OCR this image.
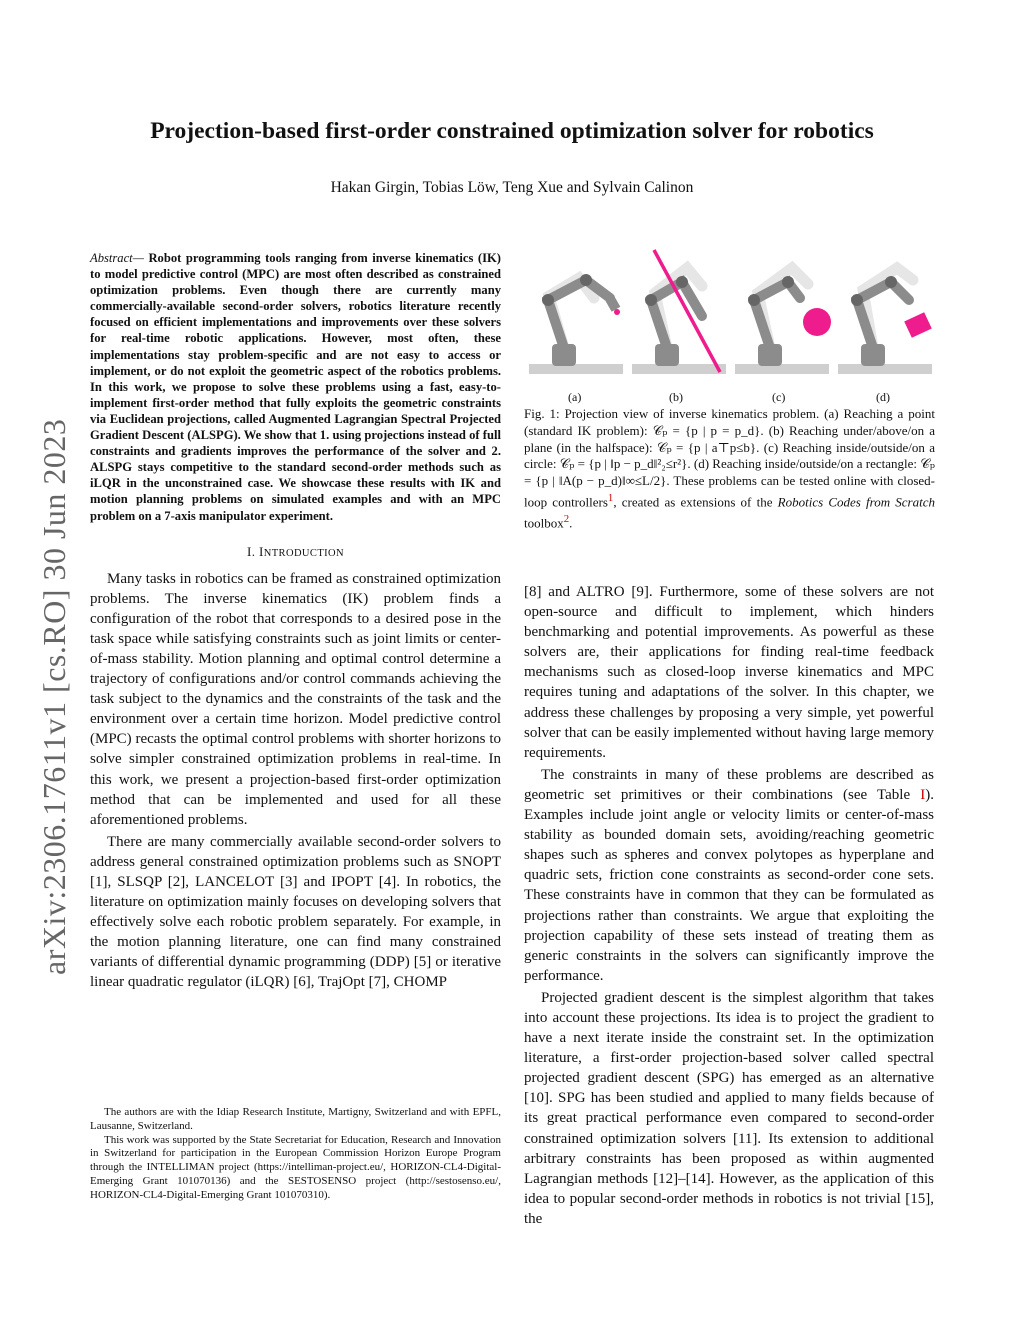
arXiv:2306.17611v1 [cs.RO] 30 Jun 2023
Projection-based first-order constrained optimization solver for robotics
Hakan Girgin, Tobias Löw, Teng Xue and Sylvain Calinon

Abstract— Robot programming tools ranging from inverse kinematics (IK) to model predictive control (MPC) are most often described as constrained optimization problems. Even though there are currently many commercially-available second-order solvers, robotics literature recently focused on efficient implementations and improvements over these solvers for real-time robotic applications. However, most often, these implementations stay problem-specific and are not easy to access or implement, or do not exploit the geometric aspect of the robotics problems. In this work, we propose to solve these problems using a fast, easy-to-implement first-order method that fully exploits the geometric constraints via Euclidean projections, called Augmented Lagrangian Spectral Projected Gradient Descent (ALSPG). We show that 1. using projections instead of full constraints and gradients improves the performance of the solver and 2. ALSPG stays competitive to the standard second-order methods such as iLQR in the unconstrained case. We showcase these results with IK and motion planning problems on simulated examples and with an MPC problem on a 7-axis manipulator experiment.

I. INTRODUCTION

Many tasks in robotics can be framed as constrained optimization problems. The inverse kinematics (IK) problem finds a configuration of the robot that corresponds to a desired pose in the task space while satisfying constraints such as joint limits or center-of-mass stability. Motion planning and optimal control determine a trajectory of configurations and/or control commands achieving the task subject to the dynamics and the constraints of the task and the environment over a certain time horizon. Model predictive control (MPC) recasts the optimal control problems with shorter horizons to solve simpler constrained optimization problems in real-time. In this work, we present a projection-based first-order optimization method that can be implemented and used for all these aforementioned problems.

There are many commercially available second-order solvers to address general constrained optimization problems such as SNOPT [1], SLSQP [2], LANCELOT [3] and IPOPT [4]. In robotics, the literature on optimization mainly focuses on developing solvers that effectively solve each robotic problem separately. For example, in the motion planning literature, one can find many constrained variants of differential dynamic programming (DDP) [5] or iterative linear quadratic regulator (iLQR) [6], TrajOpt [7], CHOMP

The authors are with the Idiap Research Institute, Martigny, Switzerland and with EPFL, Lausanne, Switzerland.

This work was supported by the State Secretariat for Education, Research and Innovation in Switzerland for participation in the European Commission Horizon Europe Program through the INTELLIMAN project (https://intelliman-project.eu/, HORIZON-CL4-Digital-Emerging Grant 101070136) and the SESTOSENSO project (http://sestosenso.eu/, HORIZON-CL4-Digital-Emerging Grant 101070310).

(a)	(b)	(c)	(d)
Fig. 1: Projection view of inverse kinematics problem. (a) Reaching a point (standard IK problem): 𝒞ₚ = {p | p = p_d}. (b) Reaching under/above/on a plane (in the halfspace): 𝒞ₚ = {p | a⊤p≤b}. (c) Reaching inside/outside/on a circle: 𝒞ₚ = {p | ‖p − p_d‖²₂≤r²}. (d) Reaching inside/outside/on a rectangle: 𝒞ₚ = {p | ‖A(p − p_d)‖∞≤L/2}. These problems can be tested online with closed-loop controllers$^1$, created as extensions of the Robotics Codes from Scratch toolbox$^2$.

[8] and ALTRO [9]. Furthermore, some of these solvers are not open-source and difficult to implement, which hinders benchmarking and potential improvements. As powerful as these solvers are, their applications for finding real-time feedback mechanisms such as closed-loop inverse kinematics and MPC requires tuning and adaptations of the solver. In this chapter, we address these challenges by proposing a very simple, yet powerful solver that can be easily implemented without having large memory requirements.

The constraints in many of these problems are described as geometric set primitives or their combinations (see Table I). Examples include joint angle or velocity limits or center-of-mass stability as bounded domain sets, avoiding/reaching geometric shapes such as spheres and convex polytopes as hyperplane and quadric sets, friction cone constraints as second-order cone sets. These constraints have in common that they can be formulated as projections rather than constraints. We argue that exploiting the projection capability of these sets instead of treating them as generic constraints in the solvers can significantly improve the performance.

Projected gradient descent is the simplest algorithm that takes into account these projections. Its idea is to project the gradient to have a next iterate inside the constraint set. In the optimization literature, a first-order projection-based solver called spectral projected gradient descent (SPG) has emerged as an alternative [10]. SPG has been studied and applied to many fields because of its great practical performance even compared to second-order constrained optimization solvers [11]. Its extension to additional arbitrary constraints has been proposed as within augmented Lagrangian methods [12]–[14]. However, as the application of this idea to popular second-order methods in robotics is not trivial [15], the
